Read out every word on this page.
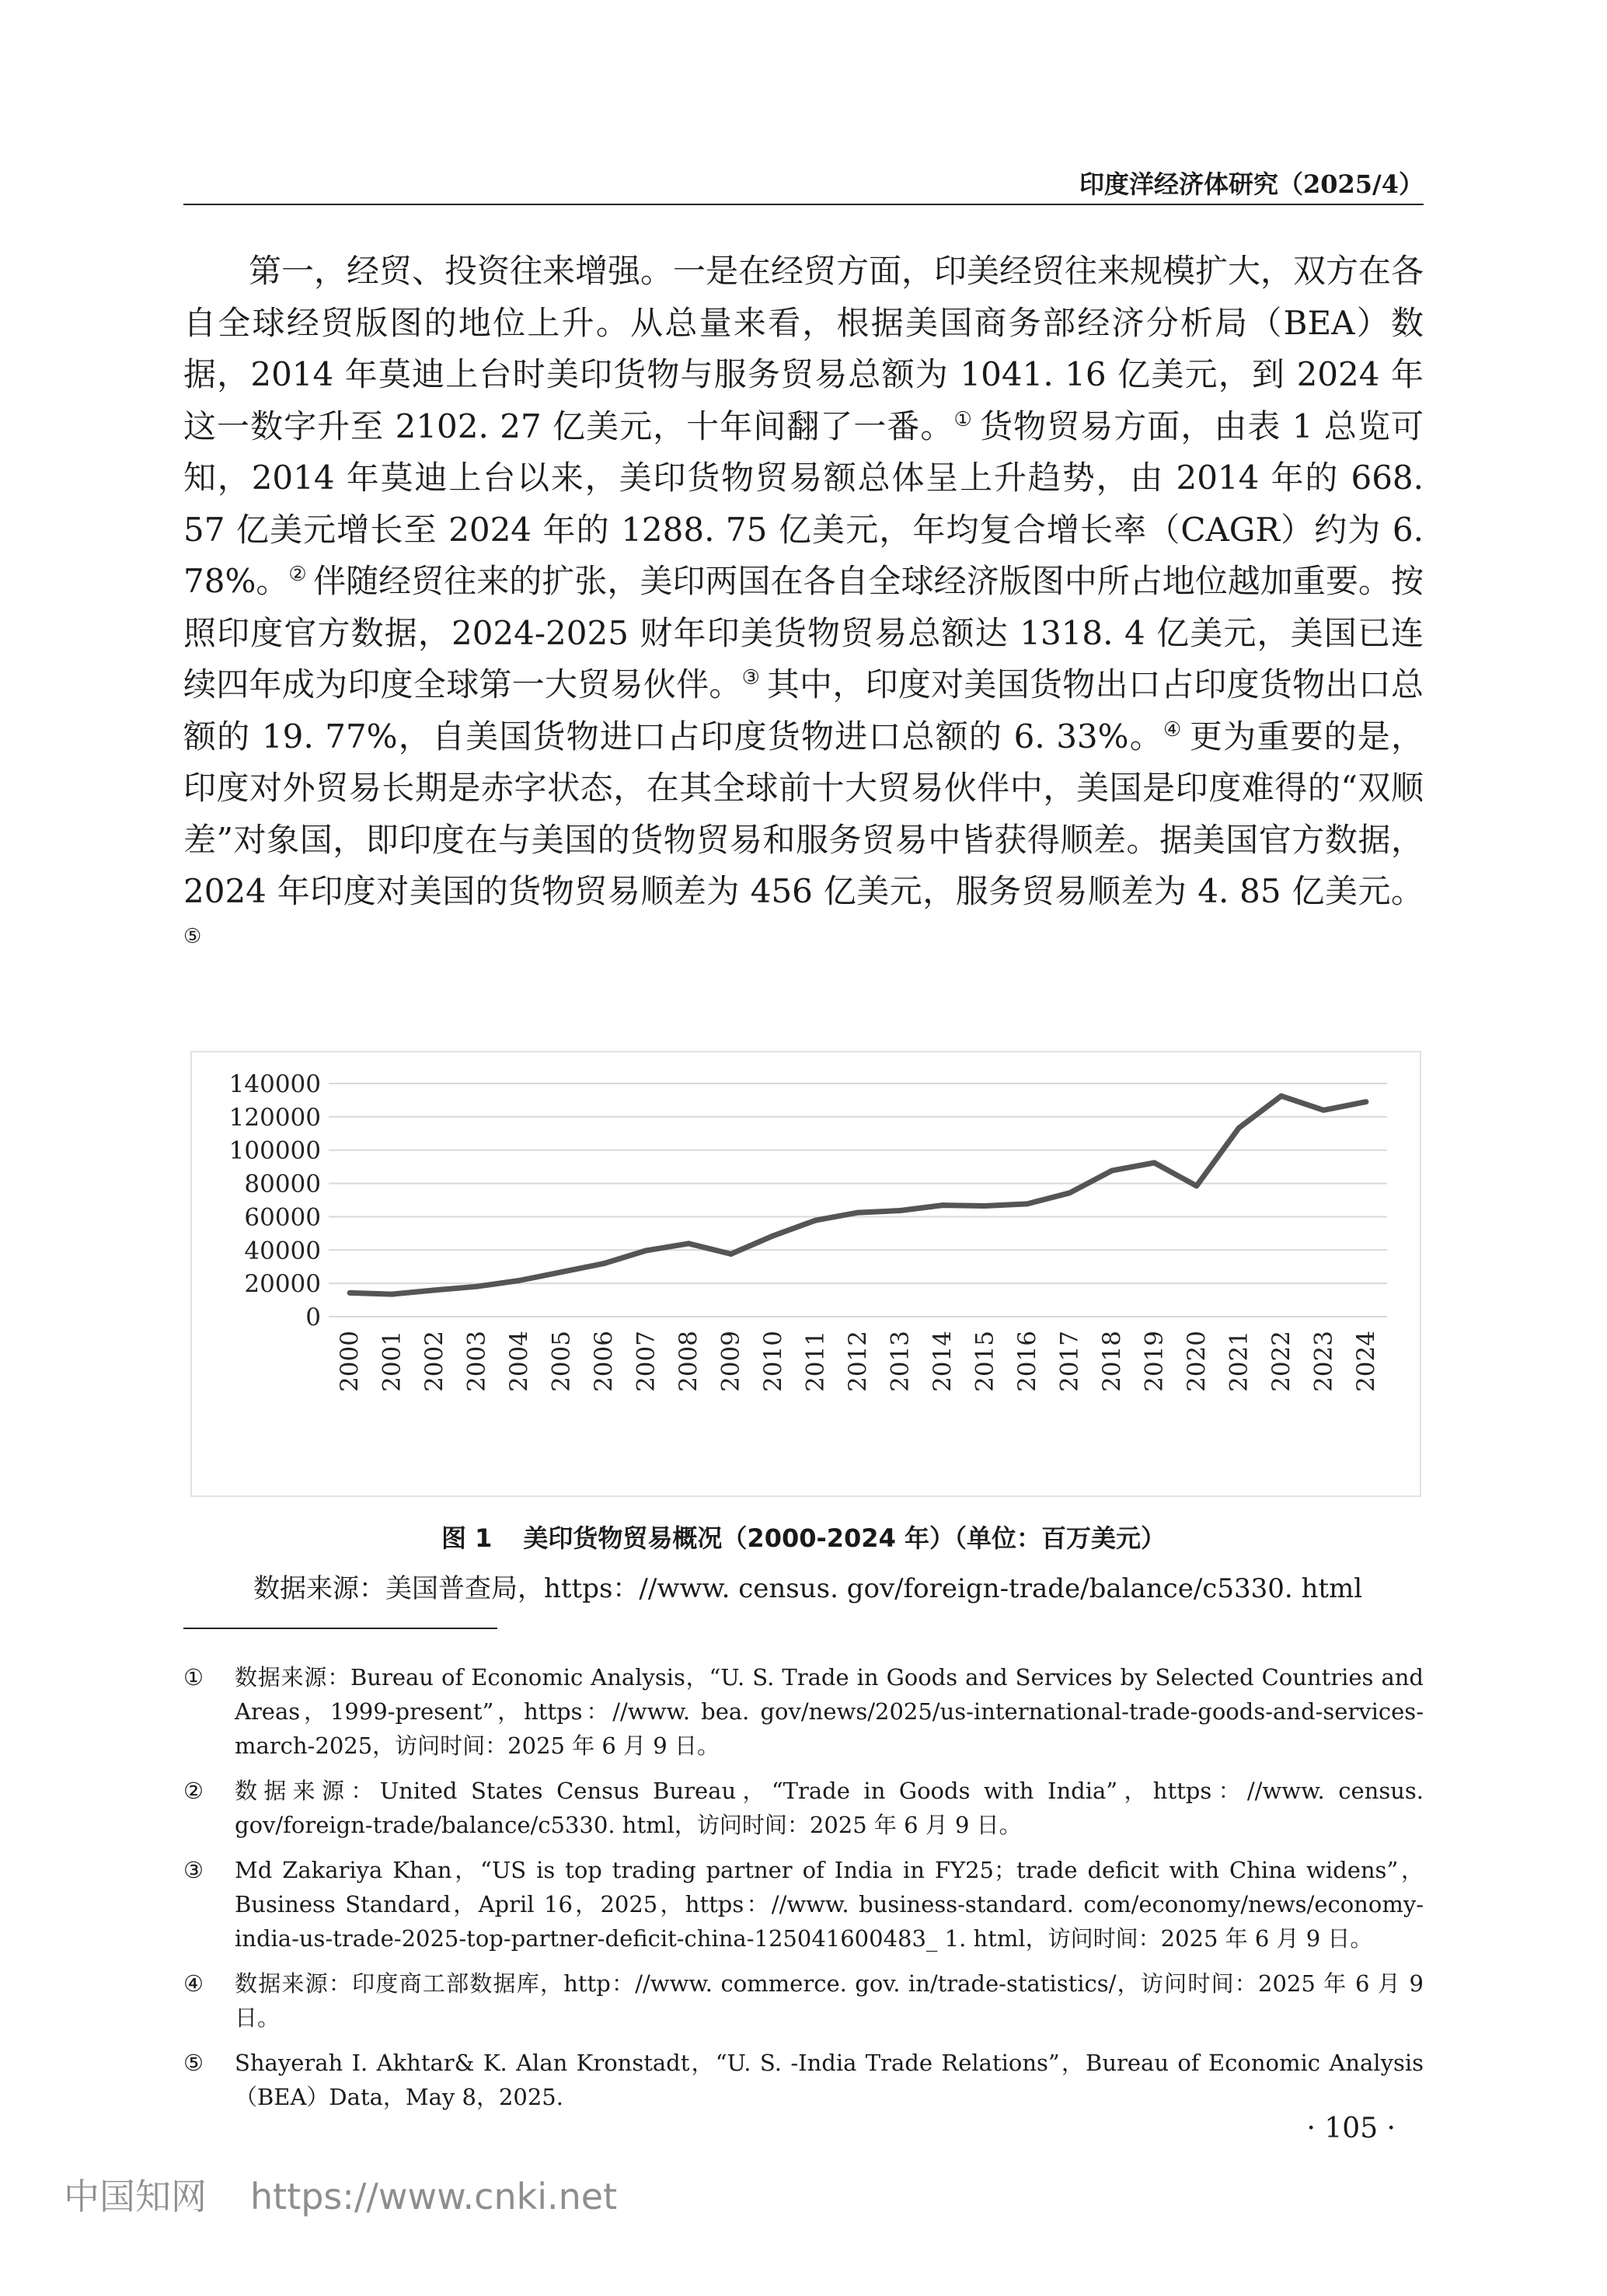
印度洋经济体研究（2025/4）

第一，经贸、投资往来增强。一是在经贸方面，印美经贸往来规模扩大，双方在各自全球经贸版图的地位上升。从总量来看，根据美国商务部经济分析局（BEA）数据，2014 年莫迪上台时美印货物与服务贸易总额为 1041. 16 亿美元，到 2024 年这一数字升至 2102. 27 亿美元，十年间翻了一番。① 货物贸易方面，由表 1 总览可知，2014 年莫迪上台以来，美印货物贸易额总体呈上升趋势，由 2014 年的 668. 57 亿美元增长至 2024 年的 1288. 75 亿美元，年均复合增长率（CAGR）约为 6. 78%。② 伴随经贸往来的扩张，美印两国在各自全球经济版图中所占地位越加重要。按照印度官方数据，2024-2025 财年印美货物贸易总额达 1318. 4 亿美元，美国已连续四年成为印度全球第一大贸易伙伴。③ 其中，印度对美国货物出口占印度货物出口总额的 19. 77%，自美国货物进口占印度货物进口总额的 6. 33%。④ 更为重要的是，印度对外贸易长期是赤字状态，在其全球前十大贸易伙伴中，美国是印度难得的“双顺差”对象国，即印度在与美国的货物贸易和服务贸易中皆获得顺差。据美国官方数据，2024 年印度对美国的货物贸易顺差为 456 亿美元，服务贸易顺差为 4. 85 亿美元。⑤

0
20000
40000
60000
80000
100000
120000
140000
2000 2001 2002 2003 2004 2005 2006 2007 2008 2009 2010 2011 2012 2013 2014 2015 2016 2017 2018 2019 2020 2021 2022 2023 2024
图 1 美印货物贸易概况（2000-2024 年）（单位：百万美元）
数据来源：美国普查局，https：//www. census. gov/foreign-trade/balance/c5330. html
① 数据来源：Bureau of Economic Analysis，“U. S. Trade in Goods and Services by Selected Countries and Areas，1999-present”，https：//www. bea. gov/news/2025/us-international-trade-goods-and-services-march-2025，访问时间：2025 年 6 月 9 日。
② 数据来源：United States Census Bureau，“Trade in Goods with India”，https：//www. census. gov/foreign-trade/balance/c5330. html，访问时间：2025 年 6 月 9 日。
③ Md Zakariya Khan，“US is top trading partner of India in FY25；trade deficit with China widens”，Business Standard，April 16，2025，https：//www. business-standard. com/economy/news/economy-india-us-trade-2025-top-partner-deficit-china-125041600483_ 1. html，访问时间：2025 年 6 月 9 日。
④ 数据来源：印度商工部数据库，http：//www. commerce. gov. in/trade-statistics/，访问时间：2025 年 6 月 9 日。
⑤ Shayerah I. Akhtar& K. Alan Kronstadt，“U. S. -India Trade Relations”，Bureau of Economic Analysis（BEA）Data，May 8，2025.
· 105 ·
中国知网 https://www.cnki.net
